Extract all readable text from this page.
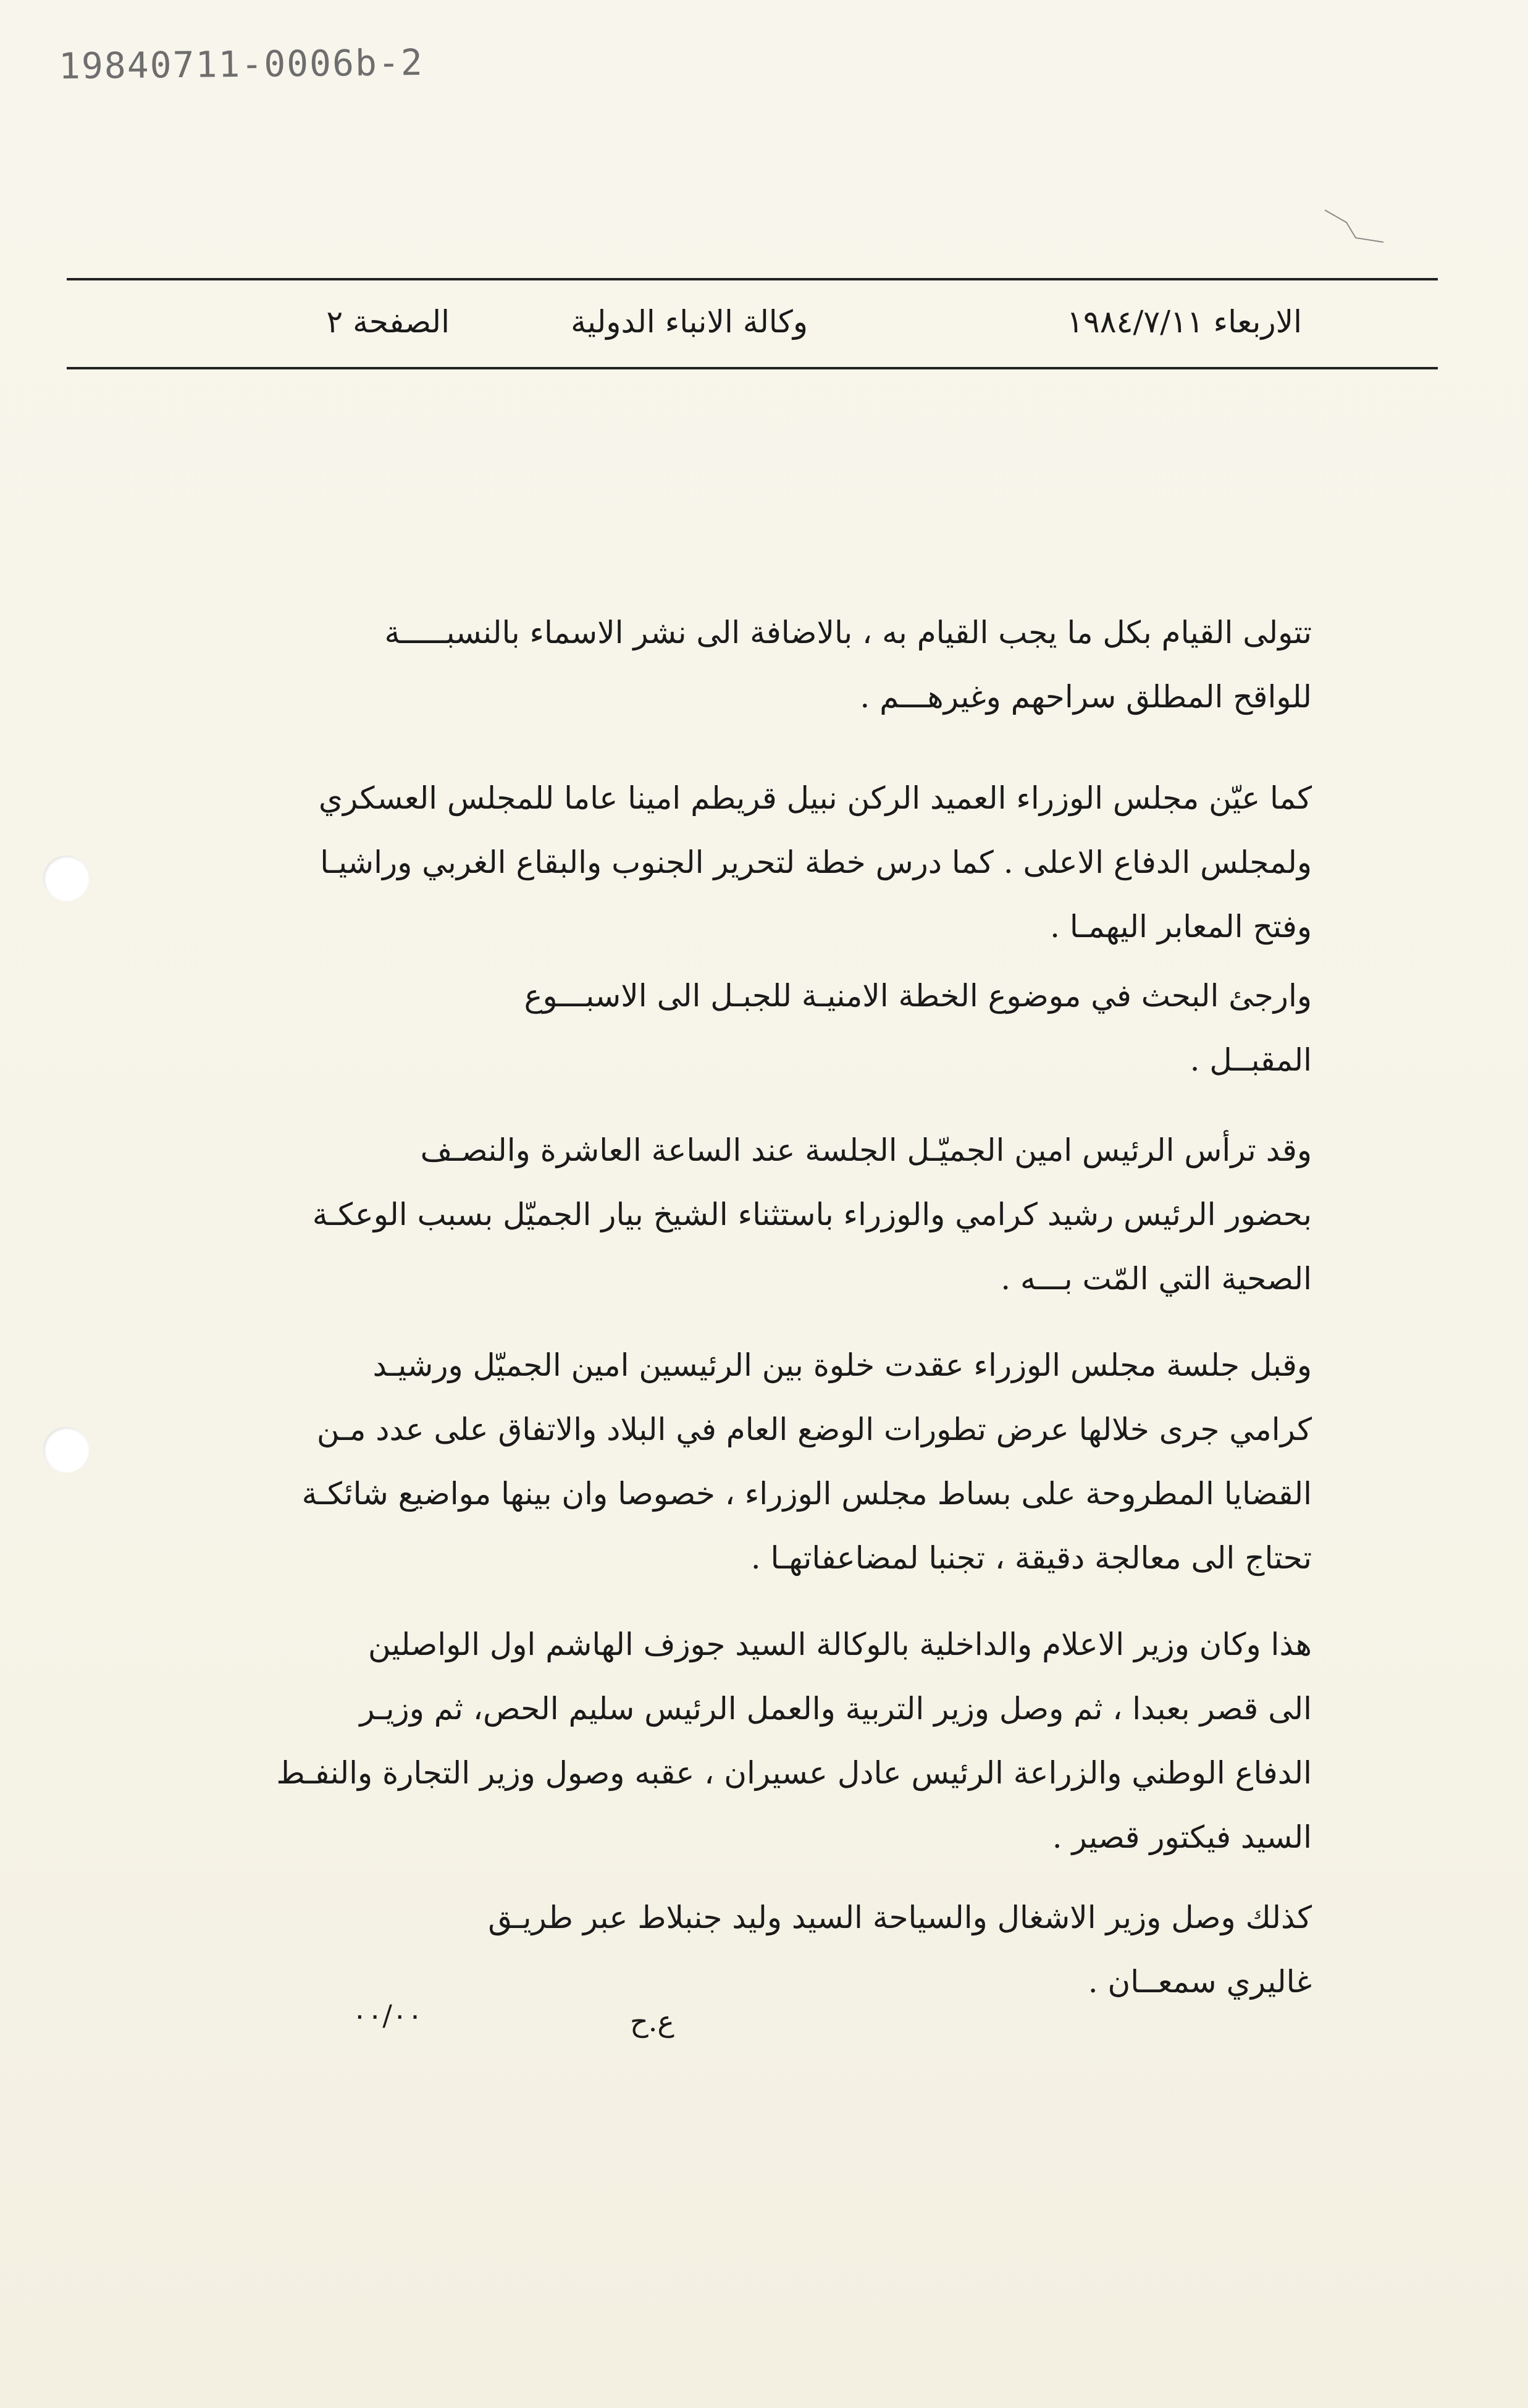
19840711-0006b-2
الاربعاء ١٩٨٤/٧/١١
وكالة الانباء الدولية
الصفحة ٢
تتولى القيام بكل ما يجب القيام به ، بالاضافة الى نشر الاسماء بالنسبـــــة
للواقح المطلق سراحهم وغيرهـــم .
كما عيّن مجلس الوزراء العميد الركن نبيل قريطم امينا عاما للمجلس العسكري
ولمجلس الدفاع الاعلى . كما درس خطة لتحرير الجنوب والبقاع الغربي وراشيـا
وفتح المعابر اليهمـا .
وارجئ البحث في موضوع الخطة الامنيـة للجبـل الى الاسبـــوع
المقبــل .
وقد ترأس الرئيس امين الجميّـل الجلسة عند الساعة العاشرة والنصـف
بحضور الرئيس رشيد كرامي والوزراء باستثناء الشيخ بيار الجميّل بسبب الوعكـة
الصحية التي المّت بـــه .
وقبل جلسة مجلس الوزراء عقدت خلوة بين الرئيسين امين الجميّل ورشيـد
كرامي جرى خلالها عرض تطورات الوضع العام في البلاد والاتفاق على عدد مـن
القضايا المطروحة على بساط مجلس الوزراء ، خصوصا وان بينها مواضيع شائكـة
تحتاج الى معالجة دقيقة ، تجنبا لمضاعفاتهـا .
هذا وكان وزير الاعلام والداخلية بالوكالة السيد جوزف الهاشم اول الواصلين
الى قصر بعبدا ، ثم وصل وزير التربية والعمل الرئيس سليم الحص، ثم وزيـر
الدفاع الوطني والزراعة الرئيس عادل عسيران ، عقبه وصول وزير التجارة والنفـط
السيد فيكتور قصير .
كذلك وصل وزير الاشغال والسياحة السيد وليد جنبلاط عبر طريـق
غاليري سمعــان .
٠٠/٠٠	ع.ح
